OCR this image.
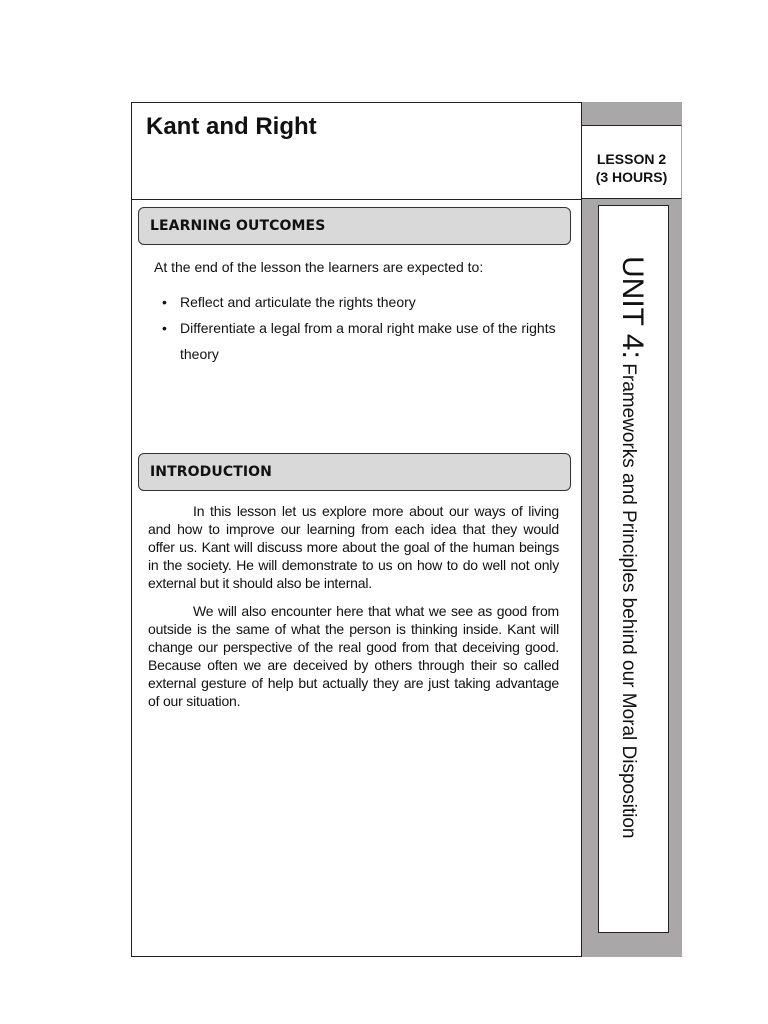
Kant and Right
LESSON 2
(3 HOURS)
UNIT 4: Frameworks and Principles behind our Moral Disposition
LEARNING OUTCOMES
At the end of the lesson the learners are expected to:
• Reflect and articulate the rights theory
• Differentiate a legal from a moral right make use of the rights theory
INTRODUCTION

In this lesson let us explore more about our ways of living and how to improve our learning from each idea that they would offer us. Kant will discuss more about the goal of the human beings in the society. He will demonstrate to us on how to do well not only external but it should also be internal.

We will also encounter here that what we see as good from outside is the same of what the person is thinking inside. Kant will change our perspective of the real good from that deceiving good. Because often we are deceived by others through their so called external gesture of help but actually they are just taking advantage of our situation.
